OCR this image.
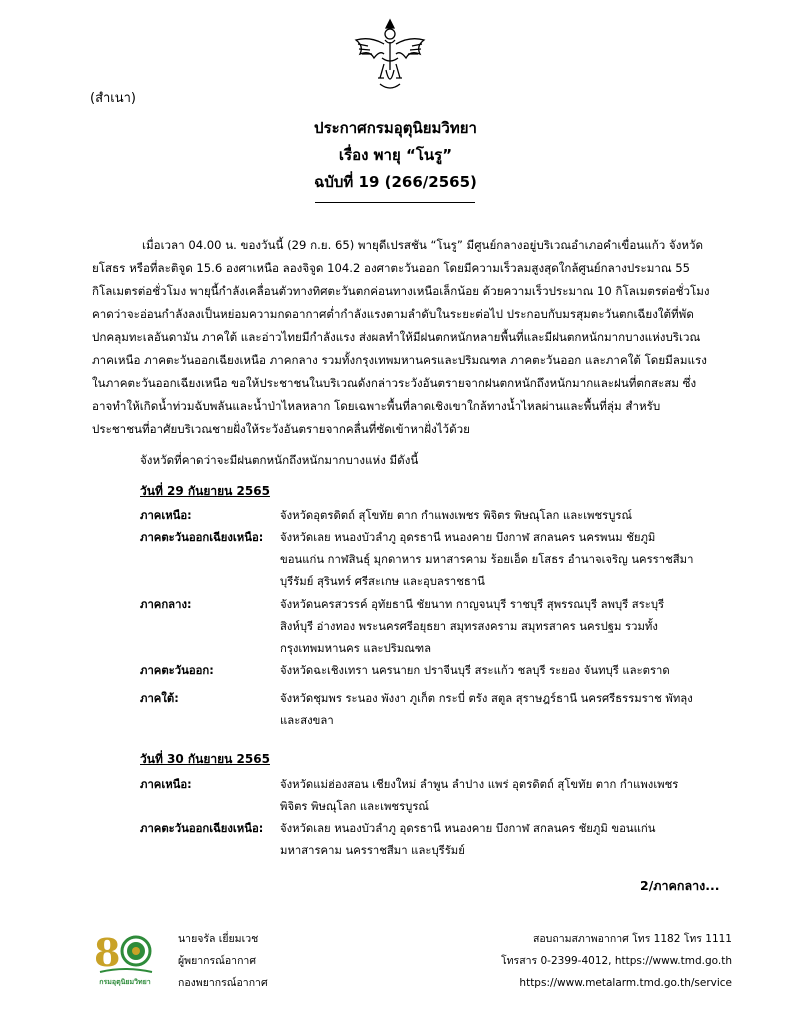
(สำเนา)
ประกาศกรมอุตุนิยมวิทยา
เรื่อง พายุ “โนรู”
ฉบับที่ 19 (266/2565)

เมื่อเวลา 04.00 น. ของวันนี้ (29 ก.ย. 65) พายุดีเปรสชัน “โนรู” มีศูนย์กลางอยู่บริเวณอำเภอคำเขื่อนแก้ว จังหวัดยโสธร หรือที่ละติจูด 15.6 องศาเหนือ ลองจิจูด 104.2 องศาตะวันออก โดยมีความเร็วลมสูงสุดใกล้ศูนย์กลางประมาณ 55 กิโลเมตรต่อชั่วโมง พายุนี้กำลังเคลื่อนตัวทางทิศตะวันตกค่อนทางเหนือเล็กน้อย ด้วยความเร็วประมาณ 10 กิโลเมตรต่อชั่วโมง คาดว่าจะอ่อนกำลังลงเป็นหย่อมความกดอากาศต่ำกำลังแรงตามลำดับในระยะต่อไป ประกอบกับมรสุมตะวันตกเฉียงใต้ที่พัดปกคลุมทะเลอันดามัน ภาคใต้ และอ่าวไทยมีกำลังแรง ส่งผลทำให้มีฝนตกหนักหลายพื้นที่และมีฝนตกหนักมากบางแห่งบริเวณภาคเหนือ ภาคตะวันออกเฉียงเหนือ ภาคกลาง รวมทั้งกรุงเทพมหานครและปริมณฑล ภาคตะวันออก และภาคใต้ โดยมีลมแรงในภาคตะวันออกเฉียงเหนือ ขอให้ประชาชนในบริเวณดังกล่าวระวังอันตรายจากฝนตกหนักถึงหนักมากและฝนที่ตกสะสม ซึ่งอาจทำให้เกิดน้ำท่วมฉับพลันและน้ำป่าไหลหลาก โดยเฉพาะพื้นที่ลาดเชิงเขาใกล้ทางน้ำไหลผ่านและพื้นที่ลุ่ม สำหรับประชาชนที่อาศัยบริเวณชายฝั่งให้ระวังอันตรายจากคลื่นที่ซัดเข้าหาฝั่งไว้ด้วย

จังหวัดที่คาดว่าจะมีฝนตกหนักถึงหนักมากบางแห่ง มีดังนี้
วันที่ 29 กันยายน 2565
ภาคเหนือ:	จังหวัดอุตรดิตถ์ สุโขทัย ตาก กำแพงเพชร พิจิตร พิษณุโลก และเพชรบูรณ์
ภาคตะวันออกเฉียงเหนือ:	จังหวัดเลย หนองบัวลำภู อุดรธานี หนองคาย บึงกาฬ สกลนคร นครพนม ชัยภูมิ ขอนแก่น กาฬสินธุ์ มุกดาหาร มหาสารคาม ร้อยเอ็ด ยโสธร อำนาจเจริญ นครราชสีมา บุรีรัมย์ สุรินทร์ ศรีสะเกษ และอุบลราชธานี
ภาคกลาง:	จังหวัดนครสวรรค์ อุทัยธานี ชัยนาท กาญจนบุรี ราชบุรี สุพรรณบุรี ลพบุรี สระบุรี สิงห์บุรี อ่างทอง พระนครศรีอยุธยา สมุทรสงคราม สมุทรสาคร นครปฐม รวมทั้งกรุงเทพมหานคร และปริมณฑล
ภาคตะวันออก:	จังหวัดฉะเชิงเทรา นครนายก ปราจีนบุรี สระแก้ว ชลบุรี ระยอง จันทบุรี และตราด
ภาคใต้:	จังหวัดชุมพร ระนอง พังงา ภูเก็ต กระบี่ ตรัง สตูล สุราษฎร์ธานี นครศรีธรรมราช พัทลุง และสงขลา
วันที่ 30 กันยายน 2565
ภาคเหนือ:	จังหวัดแม่ฮ่องสอน เชียงใหม่ ลำพูน ลำปาง แพร่ อุตรดิตถ์ สุโขทัย ตาก กำแพงเพชร พิจิตร พิษณุโลก และเพชรบูรณ์
ภาคตะวันออกเฉียงเหนือ:	จังหวัดเลย หนองบัวลำภู อุดรธานี หนองคาย บึงกาฬ สกลนคร ชัยภูมิ ขอนแก่น มหาสารคาม นครราชสีมา และบุรีรัมย์
2/ภาคกลาง...
8
กรมอุตุนิยมวิทยา
นายจรัล เยี่ยมเวช
ผู้พยากรณ์อากาศ
กองพยากรณ์อากาศ
สอบถามสภาพอากาศ โทร 1182 โทร 1111
โทรสาร 0-2399-4012, https://www.tmd.go.th
https://www.metalarm.tmd.go.th/service
